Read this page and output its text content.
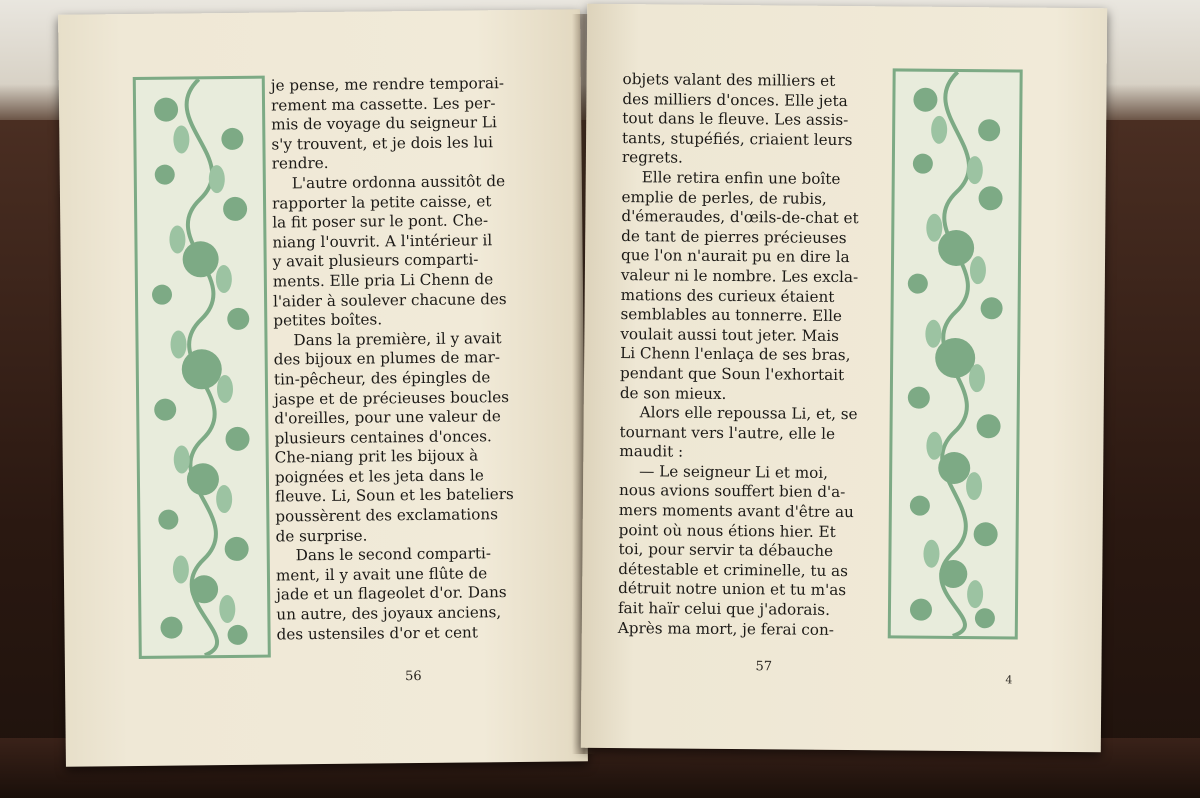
je pense, me rendre temporai-
rement ma cassette. Les per-
mis de voyage du seigneur Li
s'y trouvent, et je dois les lui
rendre.
L'autre ordonna aussitôt de
rapporter la petite caisse, et
la fit poser sur le pont. Che-
niang l'ouvrit. A l'intérieur il
y avait plusieurs comparti-
ments. Elle pria Li Chenn de
l'aider à soulever chacune des
petites boîtes.
Dans la première, il y avait
des bijoux en plumes de mar-
tin-pêcheur, des épingles de
jaspe et de précieuses boucles
d'oreilles, pour une valeur de
plusieurs centaines d'onces.
Che-niang prit les bijoux à
poignées et les jeta dans le
fleuve. Li, Soun et les bateliers
poussèrent des exclamations
de surprise.
Dans le second comparti-
ment, il y avait une flûte de
jade et un flageolet d'or. Dans
un autre, des joyaux anciens,
des ustensiles d'or et cent
56
objets valant des milliers et
des milliers d'onces. Elle jeta
tout dans le fleuve. Les assis-
tants, stupéfiés, criaient leurs
regrets.
Elle retira enfin une boîte
emplie de perles, de rubis,
d'émeraudes, d'œils-de-chat et
de tant de pierres précieuses
que l'on n'aurait pu en dire la
valeur ni le nombre. Les excla-
mations des curieux étaient
semblables au tonnerre. Elle
voulait aussi tout jeter. Mais
Li Chenn l'enlaça de ses bras,
pendant que Soun l'exhortait
de son mieux.
Alors elle repoussa Li, et, se
tournant vers l'autre, elle le
maudit :
— Le seigneur Li et moi,
nous avions souffert bien d'a-
mers moments avant d'être au
point où nous étions hier. Et
toi, pour servir ta débauche
détestable et criminelle, tu as
détruit notre union et tu m'as
fait haïr celui que j'adorais.
Après ma mort, je ferai con-
57
4
